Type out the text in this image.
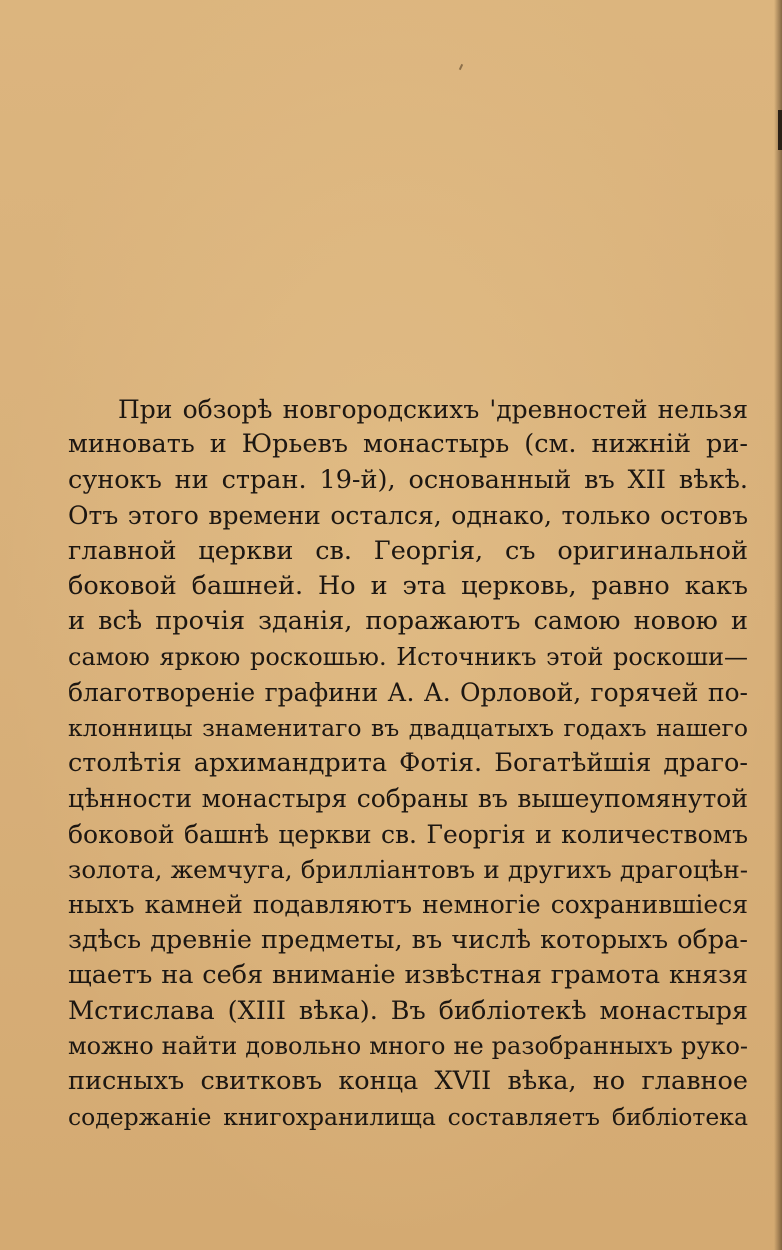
При обзорѣ новгородскихъ 'древностей нельзя
миновать и Юрьевъ монастырь (см. нижній ри-
сунокъ ни стран. 19-й), основанный въ XII вѣкѣ.
Отъ этого времени остался, однако, только остовъ
главной церкви св. Георгія, съ оригинальной
боковой башней. Но и эта церковь, равно какъ
и всѣ прочія зданія, поражаютъ самою новою и
самою яркою роскошью. Источникъ этой роскоши—
благотвореніе графини А. А. Орловой, горячей по-
клонницы знаменитаго въ двадцатыхъ годахъ нашего
столѣтія архимандрита Фотія. Богатѣйшія драго-
цѣнности монастыря собраны въ вышеупомянутой
боковой башнѣ церкви св. Георгія и количествомъ
золота, жемчуга, брилліантовъ и другихъ драгоцѣн-
ныхъ камней подавляютъ немногіе сохранившіеся
здѣсь древніе предметы, въ числѣ которыхъ обра-
щаетъ на себя вниманіе извѣстная грамота князя
Мстислава (XIII вѣка). Въ библіотекѣ монастыря
можно найти довольно много не разобранныхъ руко-
писныхъ свитковъ конца XVII вѣка, но главное
содержаніе книгохранилища составляетъ библіотека
